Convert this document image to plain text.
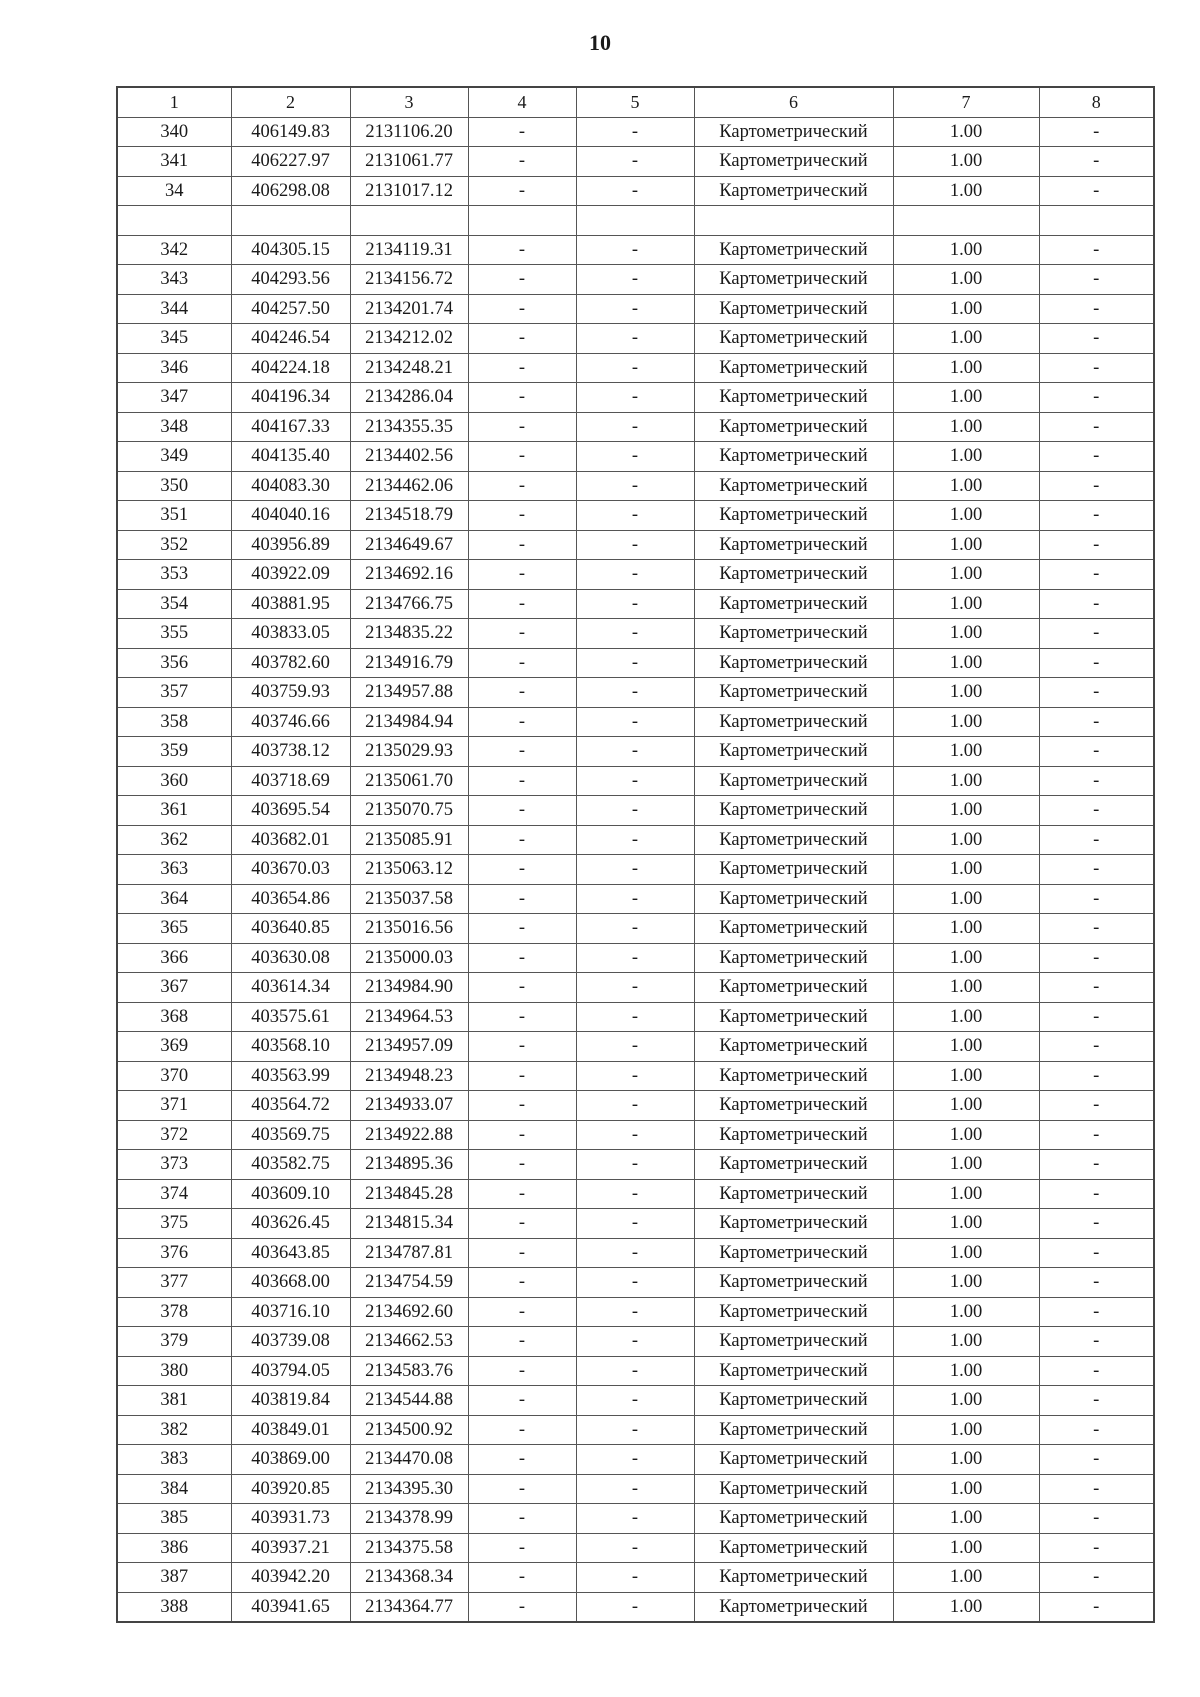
10
1	2	3	4	5	6	7	8
340	406149.83	2131106.20	-	-	Картометрический	1.00	-
341	406227.97	2131061.77	-	-	Картометрический	1.00	-
34	406298.08	2131017.12	-	-	Картометрический	1.00	-

342	404305.15	2134119.31	-	-	Картометрический	1.00	-
343	404293.56	2134156.72	-	-	Картометрический	1.00	-
344	404257.50	2134201.74	-	-	Картометрический	1.00	-
345	404246.54	2134212.02	-	-	Картометрический	1.00	-
346	404224.18	2134248.21	-	-	Картометрический	1.00	-
347	404196.34	2134286.04	-	-	Картометрический	1.00	-
348	404167.33	2134355.35	-	-	Картометрический	1.00	-
349	404135.40	2134402.56	-	-	Картометрический	1.00	-
350	404083.30	2134462.06	-	-	Картометрический	1.00	-
351	404040.16	2134518.79	-	-	Картометрический	1.00	-
352	403956.89	2134649.67	-	-	Картометрический	1.00	-
353	403922.09	2134692.16	-	-	Картометрический	1.00	-
354	403881.95	2134766.75	-	-	Картометрический	1.00	-
355	403833.05	2134835.22	-	-	Картометрический	1.00	-
356	403782.60	2134916.79	-	-	Картометрический	1.00	-
357	403759.93	2134957.88	-	-	Картометрический	1.00	-
358	403746.66	2134984.94	-	-	Картометрический	1.00	-
359	403738.12	2135029.93	-	-	Картометрический	1.00	-
360	403718.69	2135061.70	-	-	Картометрический	1.00	-
361	403695.54	2135070.75	-	-	Картометрический	1.00	-
362	403682.01	2135085.91	-	-	Картометрический	1.00	-
363	403670.03	2135063.12	-	-	Картометрический	1.00	-
364	403654.86	2135037.58	-	-	Картометрический	1.00	-
365	403640.85	2135016.56	-	-	Картометрический	1.00	-
366	403630.08	2135000.03	-	-	Картометрический	1.00	-
367	403614.34	2134984.90	-	-	Картометрический	1.00	-
368	403575.61	2134964.53	-	-	Картометрический	1.00	-
369	403568.10	2134957.09	-	-	Картометрический	1.00	-
370	403563.99	2134948.23	-	-	Картометрический	1.00	-
371	403564.72	2134933.07	-	-	Картометрический	1.00	-
372	403569.75	2134922.88	-	-	Картометрический	1.00	-
373	403582.75	2134895.36	-	-	Картометрический	1.00	-
374	403609.10	2134845.28	-	-	Картометрический	1.00	-
375	403626.45	2134815.34	-	-	Картометрический	1.00	-
376	403643.85	2134787.81	-	-	Картометрический	1.00	-
377	403668.00	2134754.59	-	-	Картометрический	1.00	-
378	403716.10	2134692.60	-	-	Картометрический	1.00	-
379	403739.08	2134662.53	-	-	Картометрический	1.00	-
380	403794.05	2134583.76	-	-	Картометрический	1.00	-
381	403819.84	2134544.88	-	-	Картометрический	1.00	-
382	403849.01	2134500.92	-	-	Картометрический	1.00	-
383	403869.00	2134470.08	-	-	Картометрический	1.00	-
384	403920.85	2134395.30	-	-	Картометрический	1.00	-
385	403931.73	2134378.99	-	-	Картометрический	1.00	-
386	403937.21	2134375.58	-	-	Картометрический	1.00	-
387	403942.20	2134368.34	-	-	Картометрический	1.00	-
388	403941.65	2134364.77	-	-	Картометрический	1.00	-
